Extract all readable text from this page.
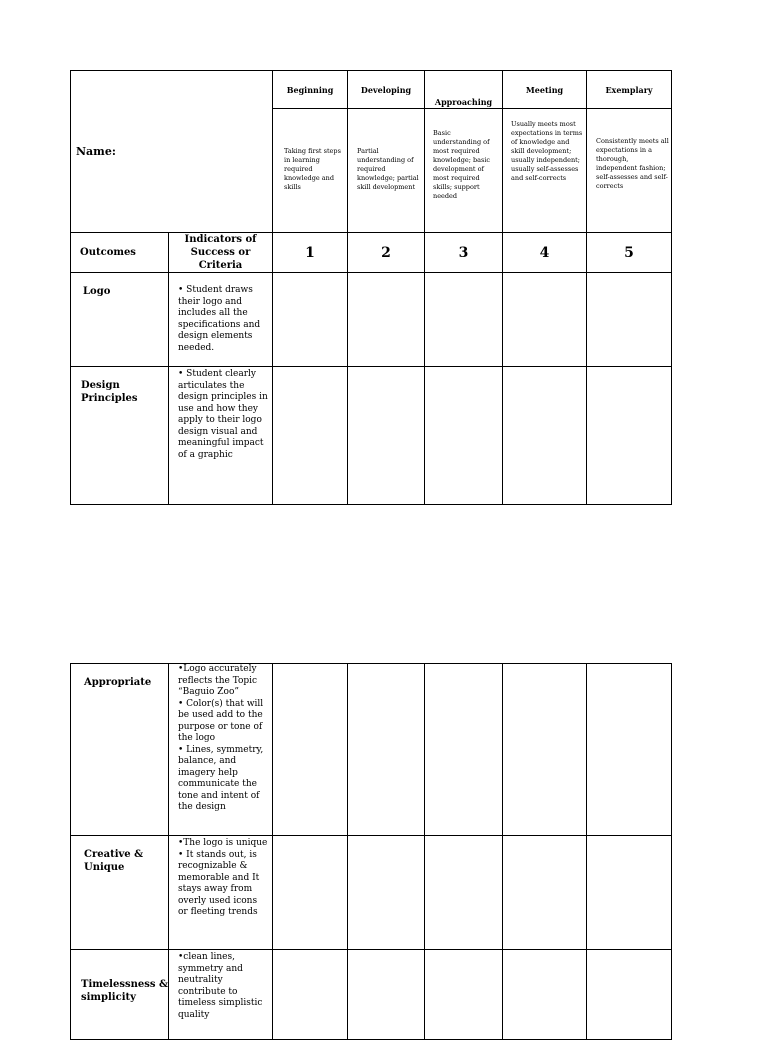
Name:		Beginning	Developing	Approaching	Meeting	Exemplary

		Taking first steps in learning required knowledge and skills	Partial understanding of required knowledge; partial skill development	Basic understanding of most required knowledge; basic development of most required skills; support needed	Usually meets most expectations in terms of knowledge and skill development; usually independent; usually self-assesses and self-corrects	Consistently meets all expectations in a thorough, independent fashion; self-assesses and self-corrects

Outcomes	Indicators of
Success or
Criteria	1	2	3	4	5
Logo	• Student draws their logo and includes all the specifications and design elements needed.					

Design Principles	• Student clearly articulates the design principles in use and how they apply to their logo design visual and meaningful impact of a graphic					

Appropriate	•Logo accurately reflects the Topic “Baguio Zoo”
• Color(s) that will be used add to the purpose or tone of the logo
• Lines, symmetry, balance, and imagery help communicate the tone and intent of the design					

Creative & Unique	•The logo is unique
• It stands out, is recognizable & memorable and It stays away from overly used icons or fleeting trends					

Timelessness & simplicity	•clean lines, symmetry and neutrality contribute to timeless simplistic quality					
